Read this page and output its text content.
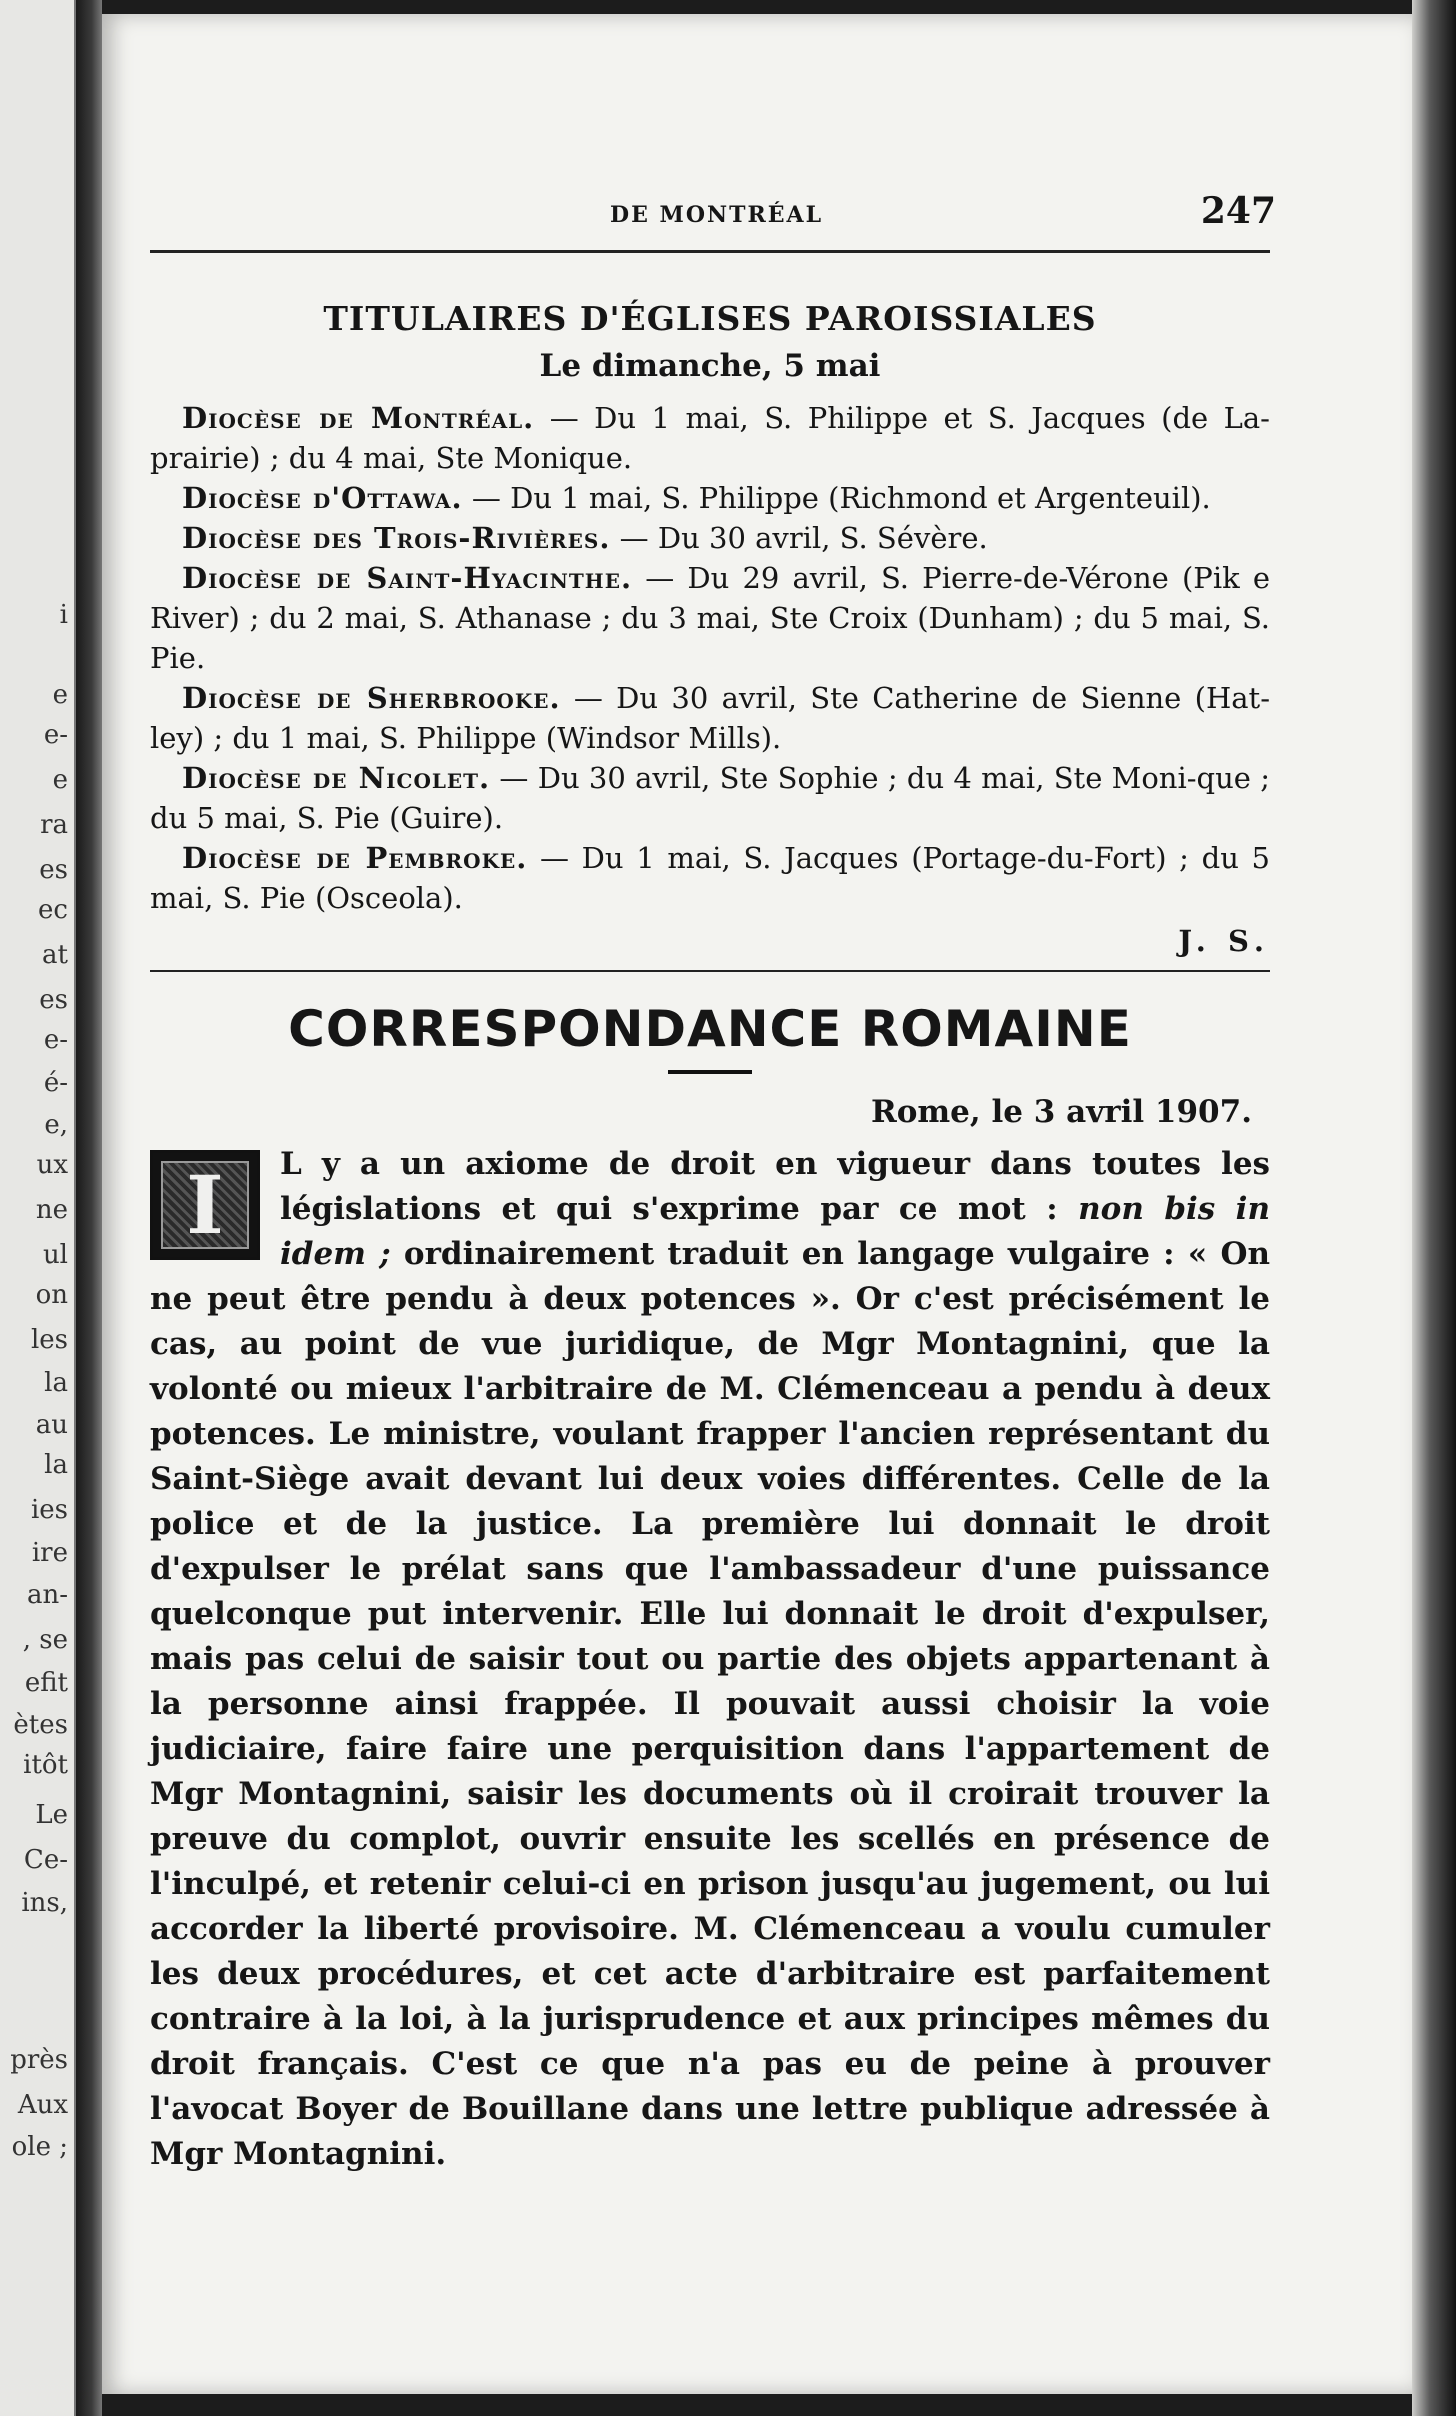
i
e
e-
e
ra
es
ec
at
es
e-
é-
e,
ux
ne
ul
on
les
la
au
la
ies
ire
an-
, se
efit
ètes
itôt
Le
Ce-
ins,
près
Aux
ole ;
DE MONTRÉAL	247
TITULAIRES D'ÉGLISES PAROISSIALES
Le dimanche, 5 mai

Diocèse de Montréal. — Du 1 mai, S. Philippe et S. Jacques (de La-prairie) ; du 4 mai, Ste Monique.

Diocèse d'Ottawa. — Du 1 mai, S. Philippe (Richmond et Argenteuil).

Diocèse des Trois-Rivières. — Du 30 avril, S. Sévère.

Diocèse de Saint-Hyacinthe. — Du 29 avril, S. Pierre-de-Vérone (Pik e River) ; du 2 mai, S. Athanase ; du 3 mai, Ste Croix (Dunham) ; du 5 mai, S. Pie.

Diocèse de Sherbrooke. — Du 30 avril, Ste Catherine de Sienne (Hat-ley) ; du 1 mai, S. Philippe (Windsor Mills).

Diocèse de Nicolet. — Du 30 avril, Ste Sophie ; du 4 mai, Ste Moni-que ; du 5 mai, S. Pie (Guire).

Diocèse de Pembroke. — Du 1 mai, S. Jacques (Portage-du-Fort) ; du 5 mai, S. Pie (Osceola).

J. S.
CORRESPONDANCE ROMAINE
Rome, le 3 avril 1907.

I	L y a un axiome de droit en vigueur dans toutes les législations et qui s'exprime par ce mot : non bis in idem ; ordinairement traduit en langage vulgaire : « On ne peut être pendu à deux potences ». Or c'est précisément le cas, au point de vue juridique, de Mgr Montagnini, que la volonté ou mieux l'arbitraire de M. Clémenceau a pendu à deux potences. Le ministre, voulant frapper l'ancien représentant du Saint-Siège avait devant lui deux voies différentes. Celle de la police et de la justice. La première lui donnait le droit d'expulser le prélat sans que l'ambassadeur d'une puissance quelconque put intervenir. Elle lui donnait le droit d'expulser, mais pas celui de saisir tout ou partie des objets appartenant à la personne ainsi frappée. Il pouvait aussi choisir la voie judiciaire, faire faire une perquisition dans l'appartement de Mgr Montagnini, saisir les documents où il croirait trouver la preuve du complot, ouvrir ensuite les scellés en présence de l'inculpé, et retenir celui-ci en prison jusqu'au jugement, ou lui accorder la liberté provisoire. M. Clémenceau a voulu cumuler les deux procédures, et cet acte d'arbitraire est parfaitement contraire à la loi, à la jurisprudence et aux principes mêmes du droit français. C'est ce que n'a pas eu de peine à prouver l'avocat Boyer de Bouillane dans une lettre publique adressée à Mgr Montagnini.
